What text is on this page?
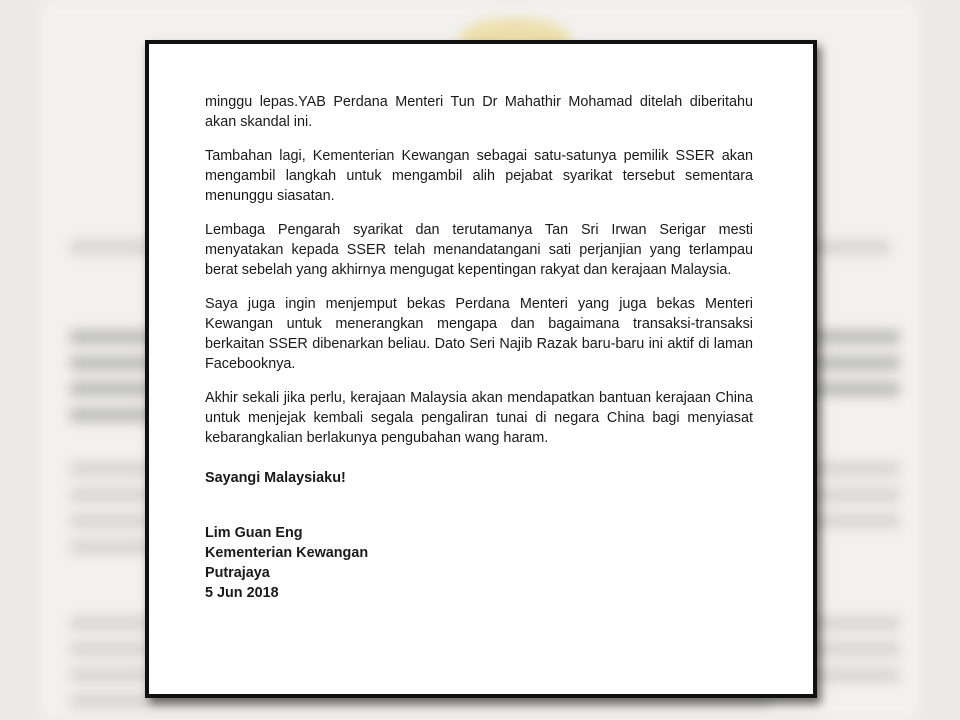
minggu lepas.YAB Perdana Menteri Tun Dr Mahathir Mohamad ditelah diberitahu akan skandal ini.

Tambahan lagi, Kementerian Kewangan sebagai satu-satunya pemilik SSER akan mengambil langkah untuk mengambil alih pejabat syarikat tersebut sementara menunggu siasatan.

Lembaga Pengarah syarikat dan terutamanya Tan Sri Irwan Serigar mesti menyatakan kepada SSER telah menandatangani sati perjanjian yang terlampau berat sebelah yang akhirnya mengugat kepentingan rakyat dan kerajaan Malaysia.

Saya juga ingin menjemput bekas Perdana Menteri yang juga bekas Menteri Kewangan untuk menerangkan mengapa dan bagaimana transaksi-transaksi berkaitan SSER dibenarkan beliau. Dato Seri Najib Razak baru-baru ini aktif di laman Facebooknya.

Akhir sekali jika perlu, kerajaan Malaysia akan mendapatkan bantuan kerajaan China untuk menjejak kembali segala pengaliran tunai di negara China bagi menyiasat kebarangkalian berlakunya pengubahan wang haram.

Sayangi Malaysiaku!
Lim Guan Eng
Kementerian Kewangan
Putrajaya
5 Jun 2018
